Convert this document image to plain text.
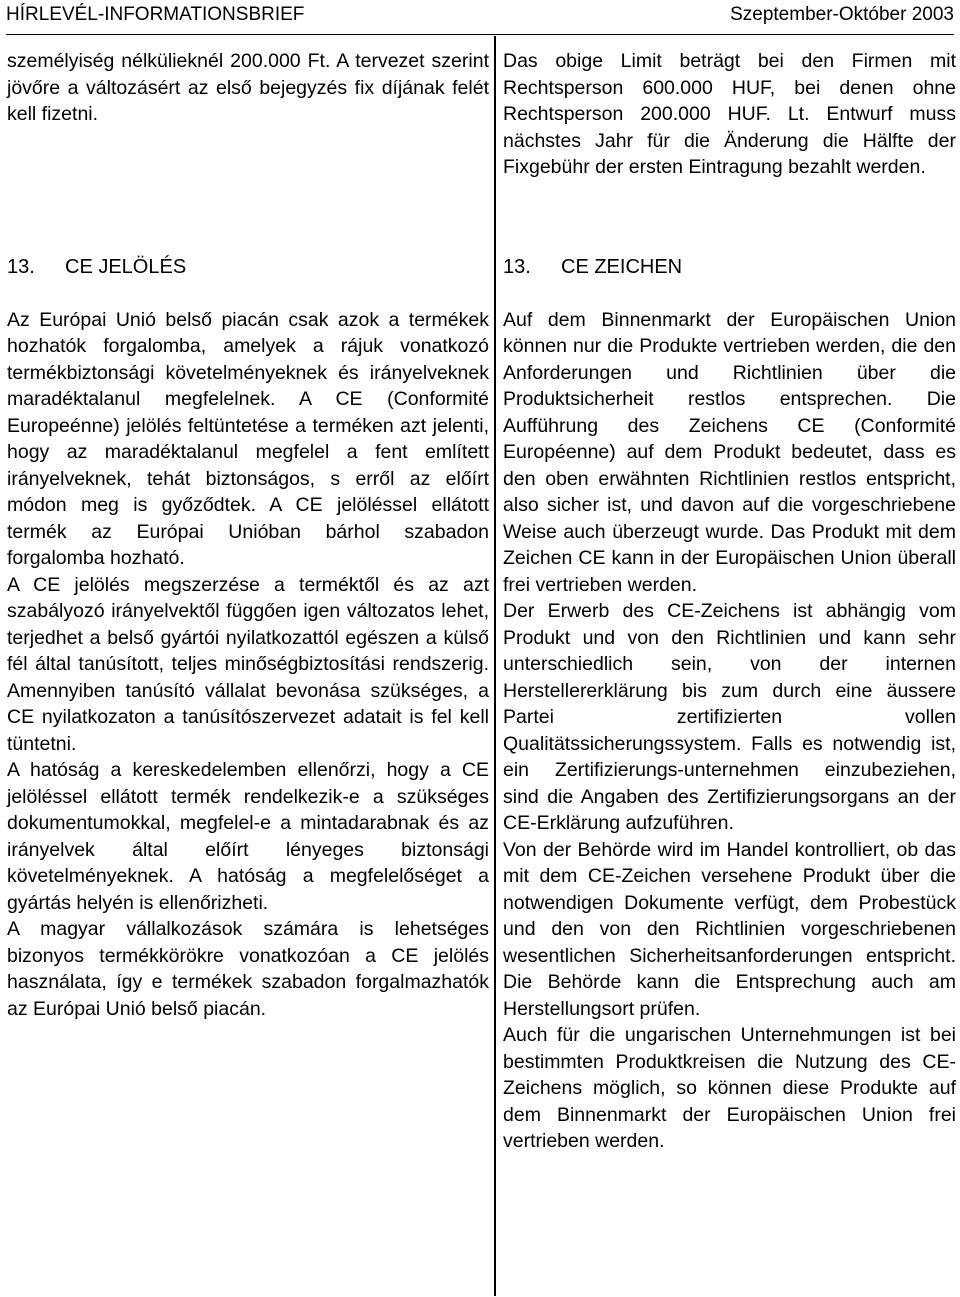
HÍRLEVÉL-INFORMATIONSBRIEF	Szeptember-Október 2003

személyiség nélkülieknél 200.000 Ft. A tervezet szerint jövőre a változásért az első bejegyzés fix díjának felét kell fizetni.

13.	CE JELÖLÉS

Az Európai Unió belső piacán csak azok a termékek hozhatók forgalomba, amelyek a rájuk vonatkozó termékbiztonsági követelményeknek és irányelveknek maradéktalanul megfelelnek. A CE (Conformité Europeénne) jelölés feltüntetése a terméken azt jelenti, hogy az maradéktalanul megfelel a fent említett irányelveknek, tehát biztonságos, s erről az előírt módon meg is győződtek. A CE jelöléssel ellátott termék az Európai Unióban bárhol szabadon forgalomba hozható.

A CE jelölés megszerzése a terméktől és az azt szabályozó irányelvektől függően igen változatos lehet, terjedhet a belső gyártói nyilatkozattól egészen a külső fél által tanúsított, teljes minőségbiztosítási rendszerig. Amennyiben tanúsító vállalat bevonása szükséges, a CE nyilatkozaton a tanúsítószervezet adatait is fel kell tüntetni.

A hatóság a kereskedelemben ellenőrzi, hogy a CE jelöléssel ellátott termék rendelkezik-e a szükséges dokumentumokkal, megfelel-e a mintadarabnak és az irányelvek által előírt lényeges biztonsági követelményeknek. A hatóság a megfelelőséget a gyártás helyén is ellenőrizheti.

A magyar vállalkozások számára is lehetséges bizonyos termékkörökre vonatkozóan a CE jelölés használata, így e termékek szabadon forgalmazhatók az Európai Unió belső piacán.

Das obige Limit beträgt bei den Firmen mit Rechtsperson 600.000 HUF, bei denen ohne Rechtsperson 200.000 HUF. Lt. Entwurf muss nächstes Jahr für die Änderung die Hälfte der Fixgebühr der ersten Eintragung bezahlt werden.

13.	CE ZEICHEN

Auf dem Binnenmarkt der Europäischen Union können nur die Produkte vertrieben werden, die den Anforderungen und Richtlinien über die Produktsicherheit restlos entsprechen. Die Aufführung des Zeichens CE (Conformité Européenne) auf dem Produkt bedeutet, dass es den oben erwähnten Richtlinien restlos entspricht, also sicher ist, und davon auf die vorgeschriebene Weise auch überzeugt wurde. Das Produkt mit dem Zeichen CE kann in der Europäischen Union überall frei vertrieben werden.

Der Erwerb des CE-Zeichens ist abhängig vom Produkt und von den Richtlinien und kann sehr unterschiedlich sein, von der internen Herstellererklärung bis zum durch eine äussere Partei zertifizierten vollen Qualitätssicherungssystem. Falls es notwendig ist, ein Zertifizierungs-unternehmen einzubeziehen, sind die Angaben des Zertifizierungsorgans an der CE-Erklärung aufzuführen.

Von der Behörde wird im Handel kontrolliert, ob das mit dem CE-Zeichen versehene Produkt über die notwendigen Dokumente verfügt, dem Probestück und den von den Richtlinien vorgeschriebenen wesentlichen Sicherheitsanforderungen entspricht. Die Behörde kann die Entsprechung auch am Herstellungsort prüfen.

Auch für die ungarischen Unternehmungen ist bei bestimmten Produktkreisen die Nutzung des CE-Zeichens möglich, so können diese Produkte auf dem Binnenmarkt der Europäischen Union frei vertrieben werden.
